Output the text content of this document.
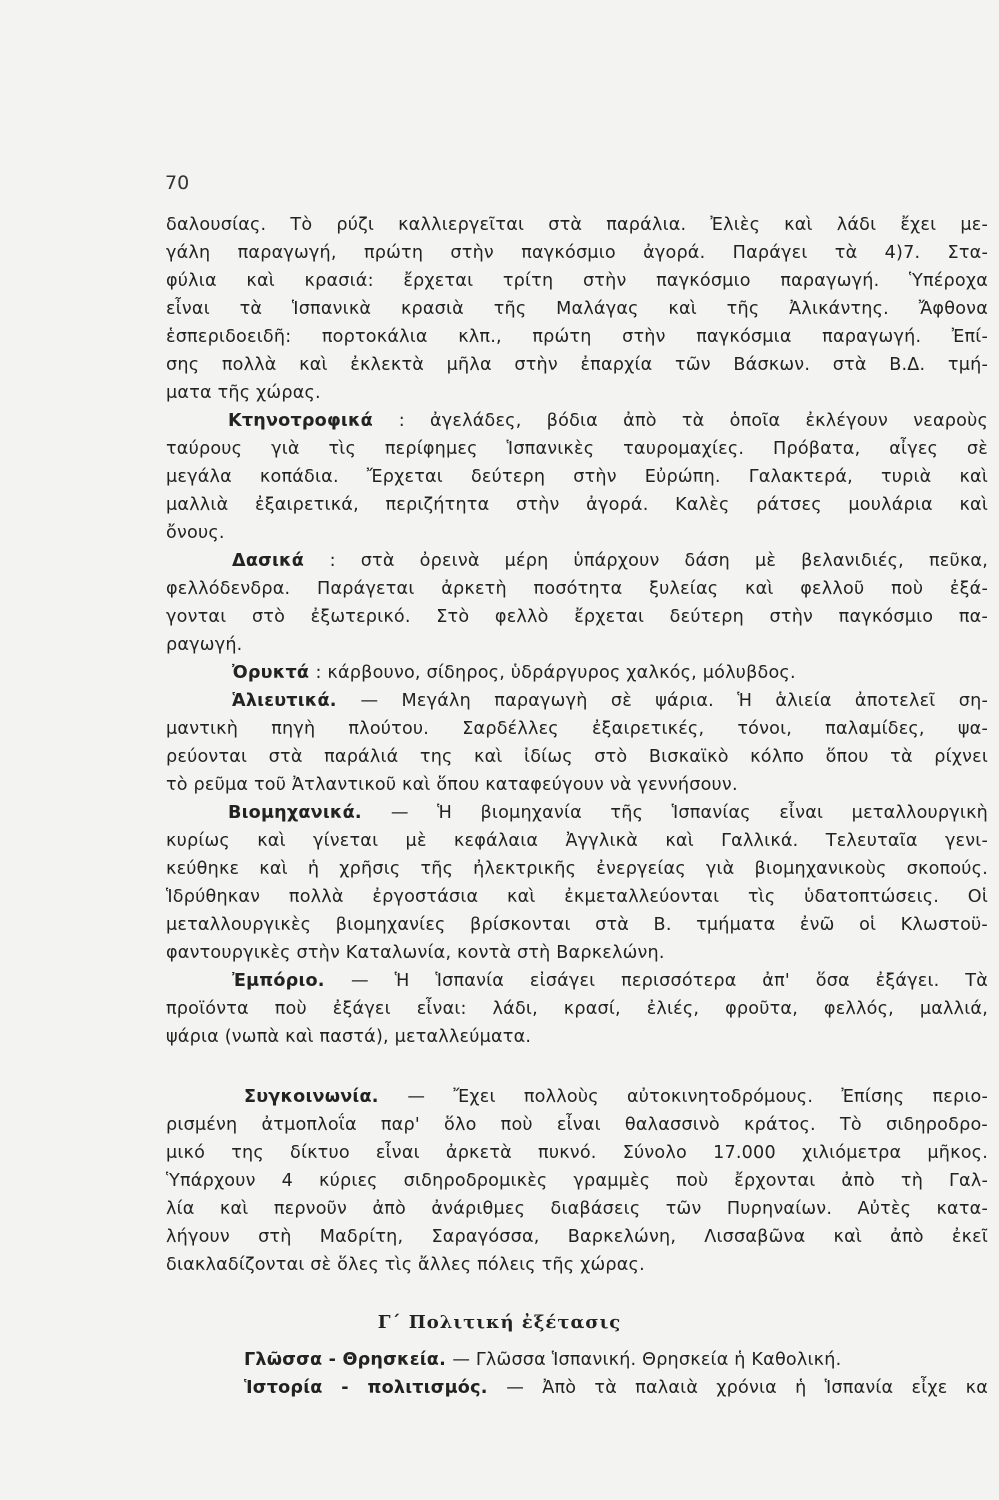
70
δαλουσίας. Τὸ ρύζι καλλιεργεῖται στὰ παράλια. Ἐλιὲς καὶ λάδι ἔχει με-
γάλη παραγωγή, πρώτη στὴν παγκόσμιο ἀγορά. Παράγει τὰ 4)7. Στα-
φύλια καὶ κρασιά: ἔρχεται τρίτη στὴν παγκόσμιο παραγωγή. Ὑπέροχα
εἶναι τὰ Ἱσπανικὰ κρασιὰ τῆς Μαλάγας καὶ τῆς Ἀλικάντης. Ἄφθονα
ἑσπεριδοειδῆ: πορτοκάλια κλπ., πρώτη στὴν παγκόσμια παραγωγή. Ἐπί-
σης πολλὰ καὶ ἐκλεκτὰ μῆλα στὴν ἐπαρχία τῶν Βάσκων. στὰ Β.Δ. τμή-
ματα τῆς χώρας.
Κτηνοτροφικά : ἀγελάδες, βόδια ἀπὸ τὰ ὁποῖα ἐκλέγουν νεαροὺς
ταύρους γιὰ τὶς περίφημες Ἱσπανικὲς ταυρομαχίες. Πρόβατα, αἶγες σὲ
μεγάλα κοπάδια. Ἔρχεται δεύτερη στὴν Εὐρώπη. Γαλακτερά, τυριὰ καὶ
μαλλιὰ ἐξαιρετικά, περιζήτητα στὴν ἀγορά. Καλὲς ράτσες μουλάρια καὶ
ὄνους.
Δασικά : στὰ ὀρεινὰ μέρη ὑπάρχουν δάση μὲ βελανιδιές, πεῦκα,
φελλόδενδρα. Παράγεται ἀρκετὴ ποσότητα ξυλείας καὶ φελλοῦ ποὺ ἐξά-
γονται στὸ ἐξωτερικό. Στὸ φελλὸ ἔρχεται δεύτερη στὴν παγκόσμιο πα-
ραγωγή.
Ὀρυκτά : κάρβουνο, σίδηρος, ὑδράργυρος χαλκός, μόλυβδος.
Ἁλιευτικά. — Μεγάλη παραγωγὴ σὲ ψάρια. Ἡ ἁλιεία ἀποτελεῖ ση-
μαντικὴ πηγὴ πλούτου. Σαρδέλλες ἐξαιρετικές, τόνοι, παλαμίδες, ψα-
ρεύονται στὰ παράλιά της καὶ ἰδίως στὸ Βισκαϊκὸ κόλπο ὅπου τὰ ρίχνει
τὸ ρεῦμα τοῦ Ἀτλαντικοῦ καὶ ὅπου καταφεύγουν νὰ γεννήσουν.
Βιομηχανικά. — Ἡ βιομηχανία τῆς Ἱσπανίας εἶναι μεταλλουργικὴ
κυρίως καὶ γίνεται μὲ κεφάλαια Ἀγγλικὰ καὶ Γαλλικά. Τελευταῖα γενι-
κεύθηκε καὶ ἡ χρῆσις τῆς ἠλεκτρικῆς ἐνεργείας γιὰ βιομηχανικοὺς σκοπούς.
Ἱδρύθηκαν πολλὰ ἐργοστάσια καὶ ἐκμεταλλεύονται τὶς ὑδατοπτώσεις. Οἱ
μεταλλουργικὲς βιομηχανίες βρίσκονται στὰ Β. τμήματα ἐνῶ οἱ Κλωστοϋ-
φαντουργικὲς στὴν Καταλωνία, κοντὰ στὴ Βαρκελώνη.
Ἐμπόριο. — Ἡ Ἱσπανία εἰσάγει περισσότερα ἀπ' ὅσα ἐξάγει. Τὰ
προϊόντα ποὺ ἐξάγει εἶναι: λάδι, κρασί, ἐλιές, φροῦτα, φελλός, μαλλιά,
ψάρια (νωπὰ καὶ παστά), μεταλλεύματα.
Συγκοινωνία. — Ἔχει πολλοὺς αὐτοκινητοδρόμους. Ἐπίσης περιο-
ρισμένη ἀτμοπλοΐα παρ' ὅλο ποὺ εἶναι θαλασσινὸ κράτος. Τὸ σιδηροδρο-
μικό της δίκτυο εἶναι ἀρκετὰ πυκνό. Σύνολο 17.000 χιλιόμετρα μῆκος.
Ὑπάρχουν 4 κύριες σιδηροδρομικὲς γραμμὲς ποὺ ἔρχονται ἀπὸ τὴ Γαλ-
λία καὶ περνοῦν ἀπὸ ἀνάριθμες διαβάσεις τῶν Πυρηναίων. Αὐτὲς κατα-
λήγουν στὴ Μαδρίτη, Σαραγόσσα, Βαρκελώνη, Λισσαβῶνα καὶ ἀπὸ ἐκεῖ
διακλαδίζονται σὲ ὅλες τὶς ἄλλες πόλεις τῆς χώρας.
Γ΄ Πολιτική ἐξέτασις
Γλῶσσα - Θρησκεία. — Γλῶσσα Ἱσπανική. Θρησκεία ἡ Καθολική.
Ἱστορία - πολιτισμός. — Ἀπὸ τὰ παλαιὰ χρόνια ἡ Ἱσπανία εἶχε κα
